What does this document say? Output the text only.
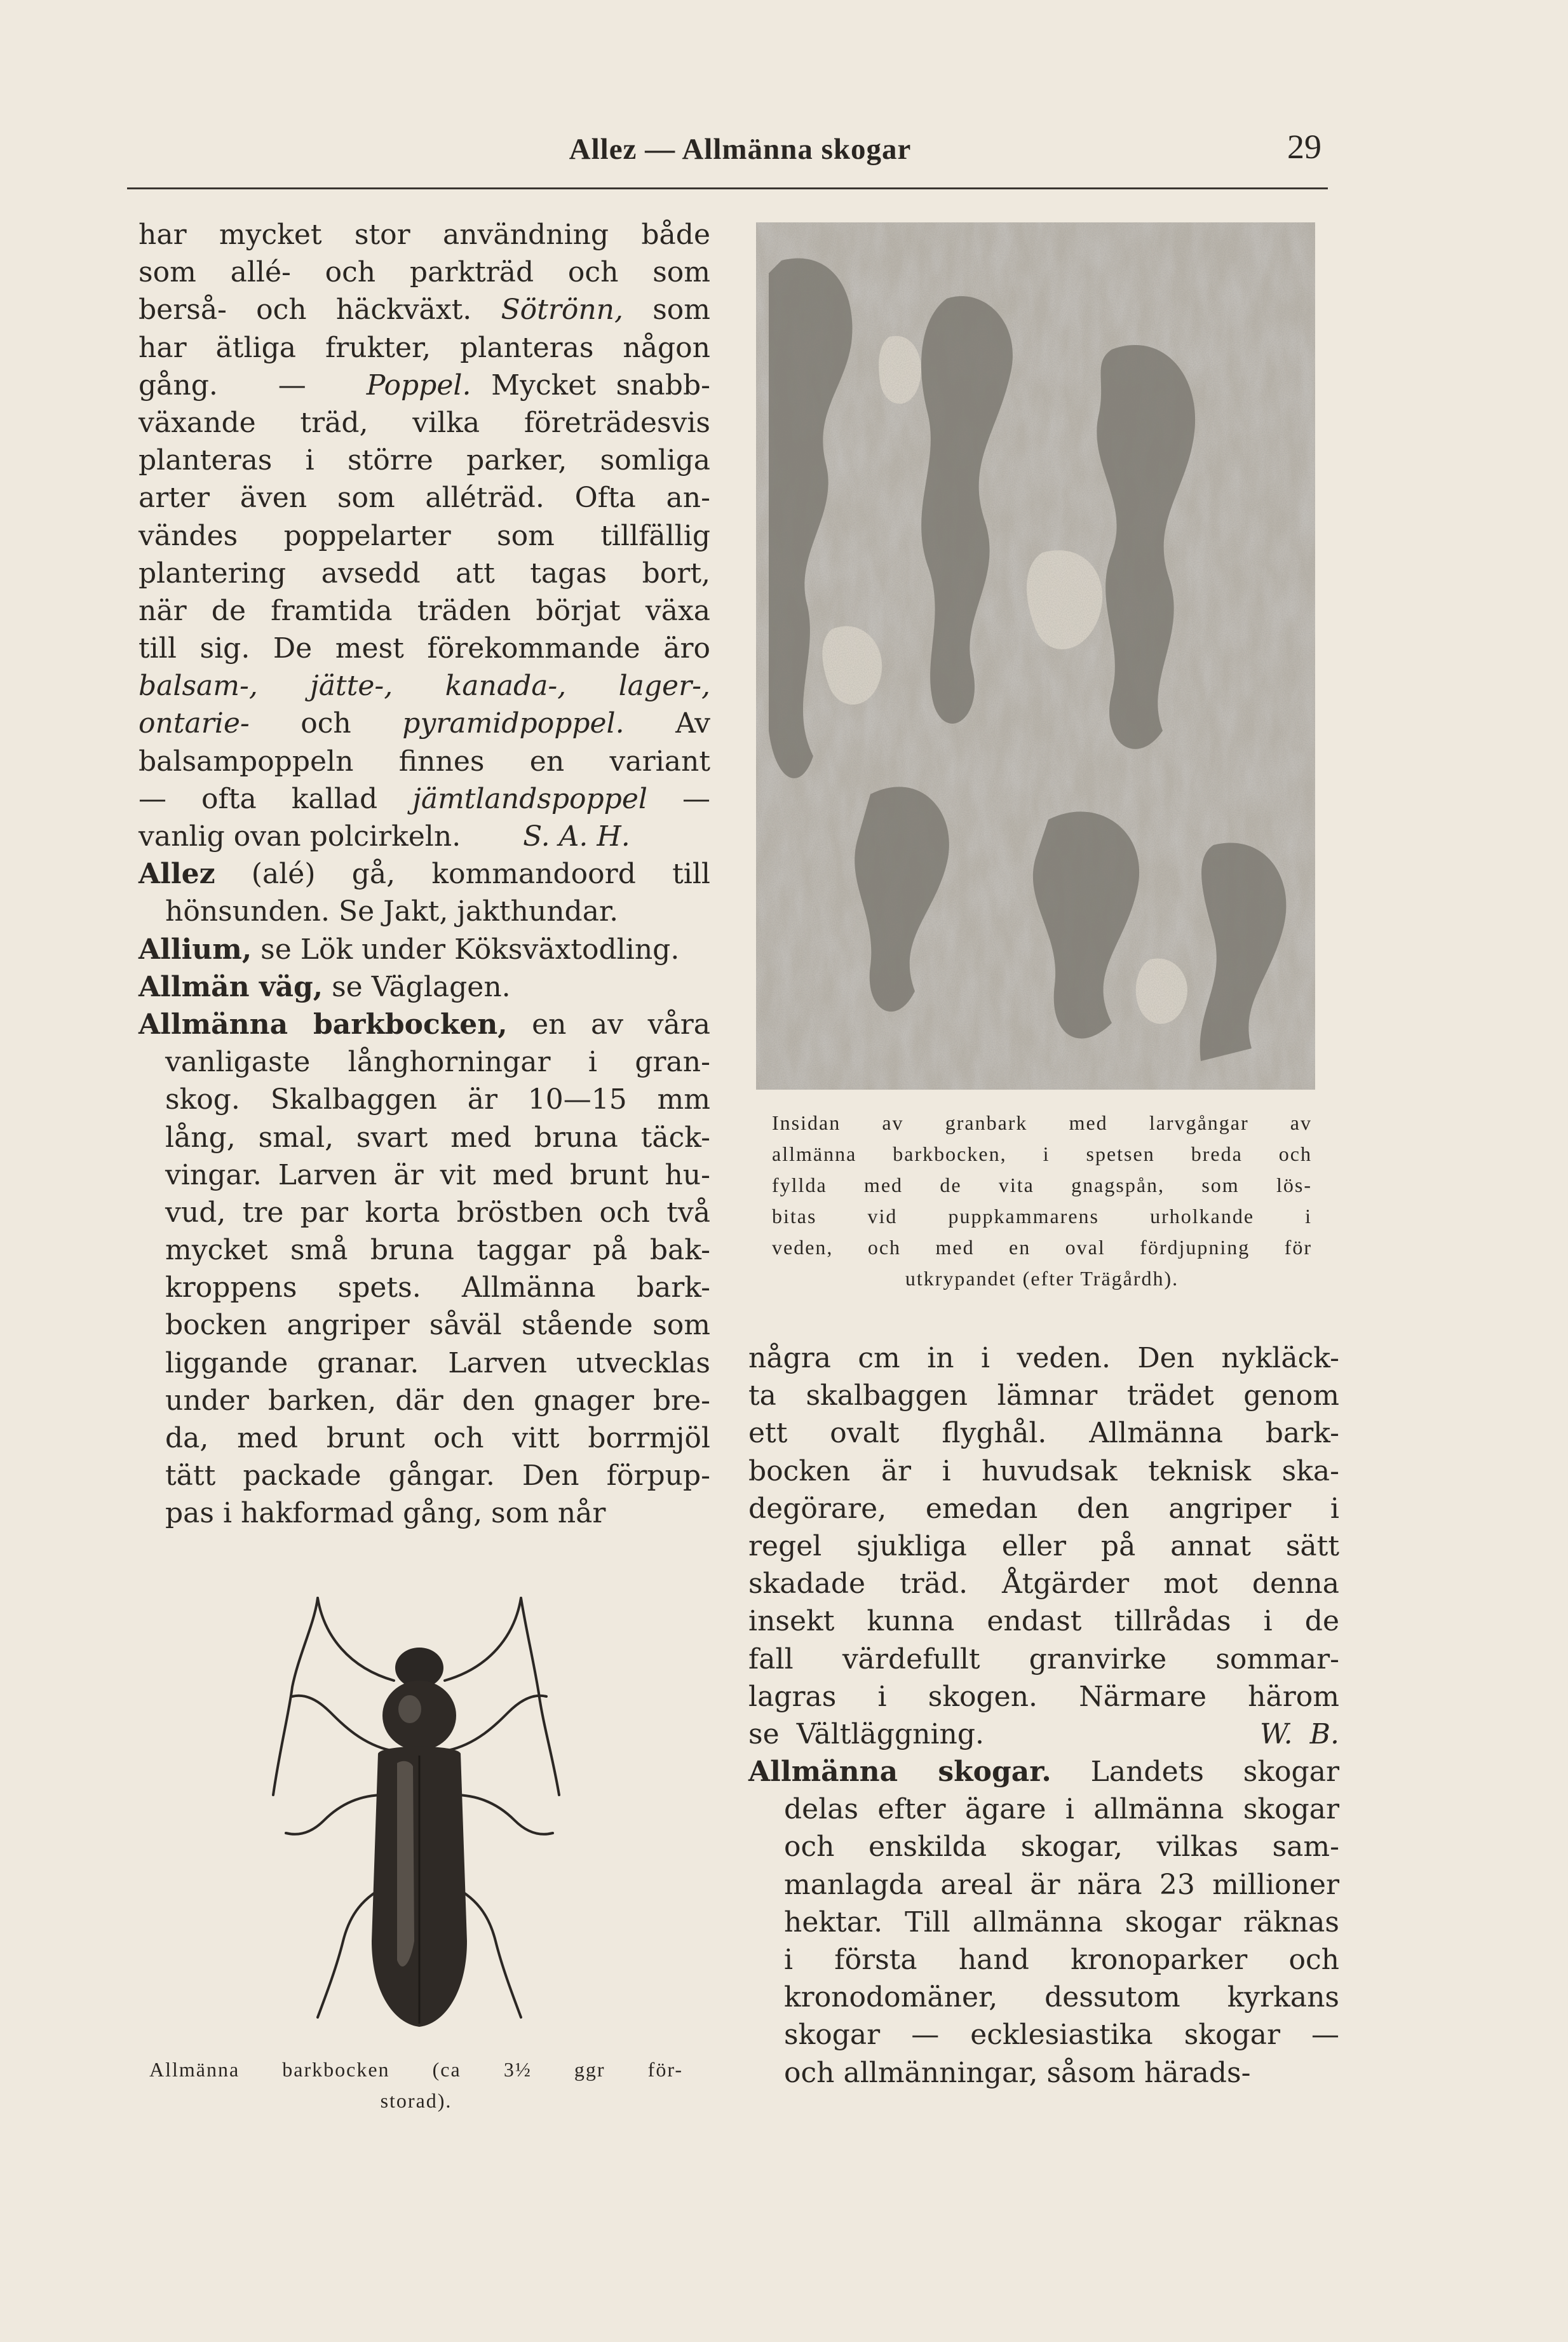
Allez — Allmänna skogar	29
har mycket stor användning både
som allé- och parkträd och som
berså- och häckväxt. Sötrönn, som
har ätliga frukter, planteras någon
gång.   —   Poppel. Mycket snabb-
växande träd, vilka företrädesvis
planteras i större parker, somliga
arter även som alléträd. Ofta an-
vändes poppelarter som tillfällig
plantering avsedd att tagas bort,
när de framtida träden börjat växa
till sig. De mest förekommande äro
balsam-, jätte-, kanada-, lager-,
ontarie- och pyramidpoppel. Av
balsampoppeln finnes en variant
— ofta kallad jämtlandspoppel —
vanlig ovan polcirkeln.       S. A. H.
Allez (alé) gå, kommandoord till
hönsunden. Se Jakt, jakthundar.
Allium, se Lök under Köksväxtodling.
Allmän väg, se Väglagen.
Allmänna barkbocken, en av våra
vanligaste långhorningar i gran-
skog. Skalbaggen är 10—15 mm
lång, smal, svart med bruna täck-
vingar. Larven är vit med brunt hu-
vud, tre par korta bröstben och två
mycket små bruna taggar på bak-
kroppens spets. Allmänna bark-
bocken angriper såväl stående som
liggande granar. Larven utvecklas
under barken, där den gnager bre-
da, med brunt och vitt borrmjöl
tätt packade gångar. Den förpup-
pas i hakformad gång, som når
Insidan av granbark med larvgångar av
allmänna barkbocken, i spetsen breda och
fyllda med de vita gnagspån, som lös-
bitas vid puppkammarens urholkande i
veden, och med en oval fördjupning för
utkrypandet (efter Trägårdh).
några cm in i veden. Den nykläck-
ta skalbaggen lämnar trädet genom
ett ovalt flyghål. Allmänna bark-
bocken är i huvudsak teknisk ska-
degörare, emedan den angriper i
regel sjukliga eller på annat sätt
skadade träd. Åtgärder mot denna
insekt kunna endast tillrådas i de
fall värdefullt granvirke sommar-
lagras i skogen. Närmare härom
se Vältläggning.                W. B.
Allmänna skogar. Landets skogar
delas efter ägare i allmänna skogar
och enskilda skogar, vilkas sam-
manlagda areal är nära 23 millioner
hektar. Till allmänna skogar räknas
i första hand kronoparker och
kronodomäner, dessutom kyrkans
skogar — ecklesiastika skogar —
och allmänningar, såsom härads-
Allmänna barkbocken (ca 3½ ggr för-
storad).
